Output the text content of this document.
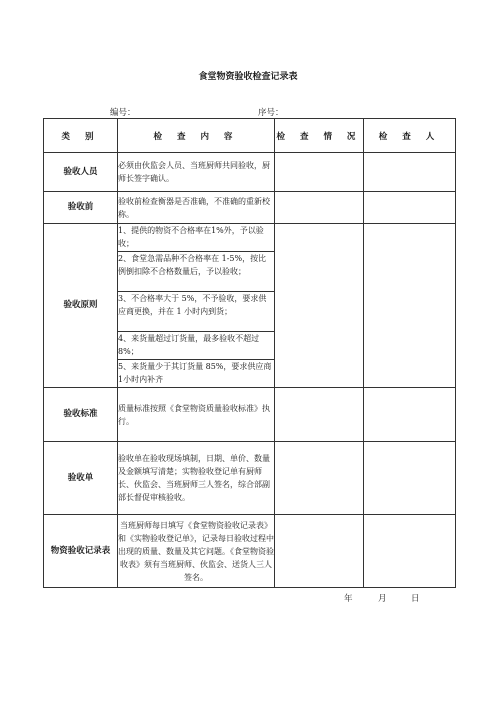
食堂物资验收检查记录表
编号：	序号：
类 别	检 查 内 容	检 查 情 况	检 查 人
验收人员	必须由伙监会人员、当班厨师共同验收，厨师长签字确认。		
验收前	验收前检查衡器是否准确，不准确的重新校称。		
验收原则	1、提供的物资不合格率在1%外，予以验收；		
	2、食堂急需品种不合格率在 1-5%，按比例倒扣除不合格数量后，予以验收；		
	3、不合格率大于 5%，不予验收，要求供应商更换，并在 1 小时内到货；		
	4、来货量超过订货量，最多验收不超过 8%；		
	5、来货量少于其订货量 85%，要求供应商1小时内补齐		
验收标准	质量标准按照《食堂物资质量验收标准》执行。		
验收单	验收单在验收现场填制，日期、单价、数量及金额填写清楚；实物验收登记单有厨师长、伙监会、当班厨师三人签名，综合部副部长督促审核验收。		
物资验收记录表	当班厨师每日填写《食堂物资验收记录表》和《实物验收登记单》，记录每日验收过程中出现的质量、数量及其它问题。《食堂物资验收表》须有当班厨师、伙监会、送货人三人签名。		
年	月	日
